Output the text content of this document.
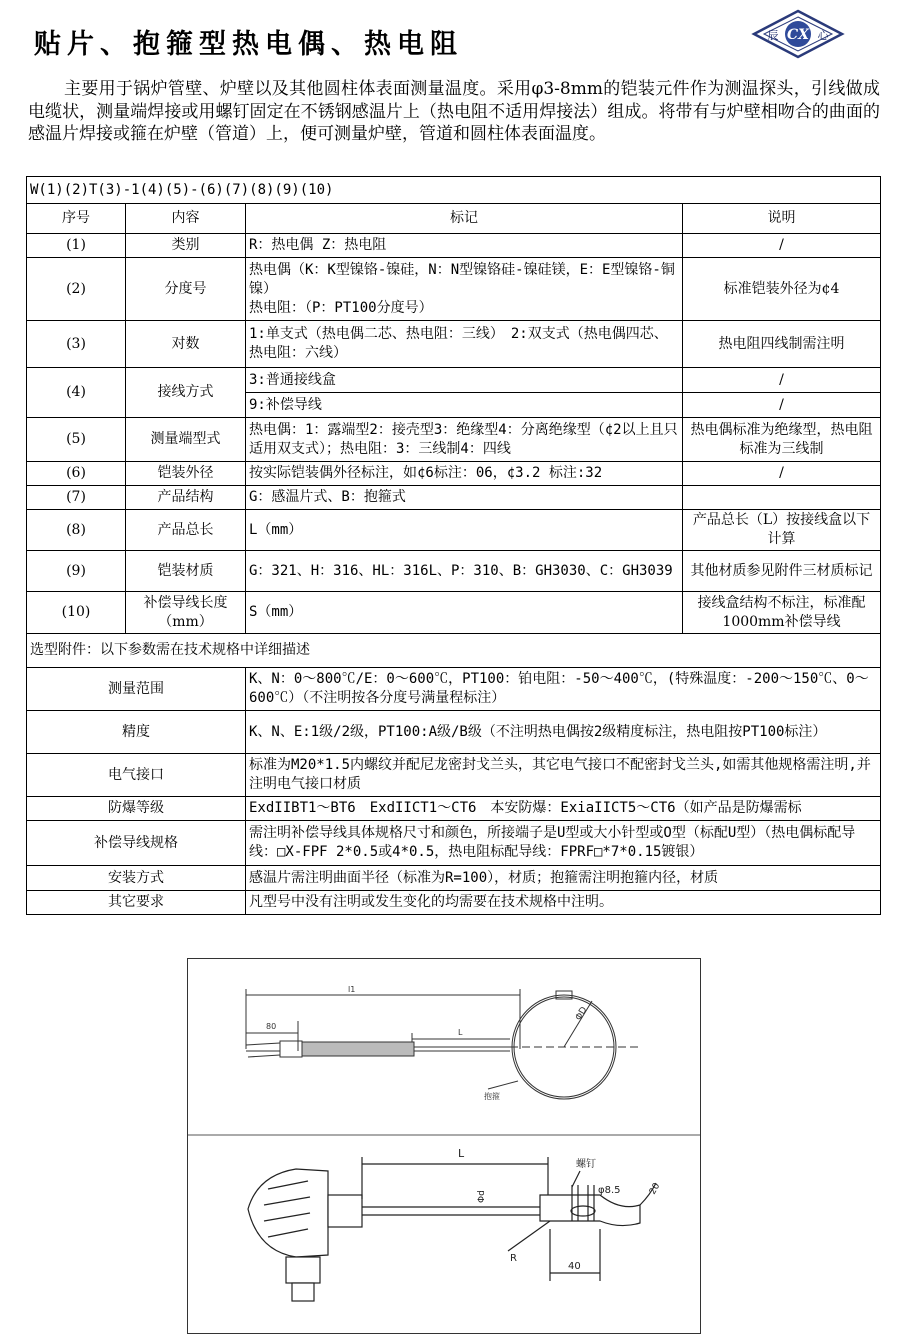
贴片、抱箍型热电偶、热电阻	CX
辰	心
主要用于锅炉管壁、炉壁以及其他圆柱体表面测量温度。采用φ3-8mm的铠装元件作为测温探头，引线做成电缆状，测量端焊接或用螺钉固定在不锈钢感温片上（热电阻不适用焊接法）组成。将带有与炉壁相吻合的曲面的感温片焊接或箍在炉壁（管道）上，便可测量炉壁，管道和圆柱体表面温度。
W(1)(2)T(3)-1(4)(5)-(6)(7)(8)(9)(10)			
序号	内容	标记	说明
(1)	类别	R：热电偶 Z：热电阻	/
(2)	分度号	热电偶（K：K型镍铬-镍硅，N：N型镍铬硅-镍硅镁，E：E型镍铬-铜镍）
热电阻：（P：PT100分度号）	标准铠装外径为¢4
(3)	对数	1:单支式（热电偶二芯、热电阻：三线）　2:双支式（热电偶四芯、热电阻：六线）	热电阻四线制需注明
(4)	接线方式	3:普通接线盒	/
		9:补偿导线	/
(5)	测量端型式	热电偶：1：露端型2：接壳型3：绝缘型4：分离绝缘型（¢2以上且只适用双支式）；热电阻：3：三线制4：四线	热电偶标准为绝缘型，热电阻标准为三线制
(6)	铠装外径	按实际铠装偶外径标注，如¢6标注：06，¢3.2 标注:32	/
(7)	产品结构	G：感温片式、B：抱箍式	
(8)	产品总长	L（mm）	产品总长（L）按接线盒以下计算
(9)	铠装材质	G：321、H：316、HL：316L、P：310、B：GH3030、C：GH3039	其他材质参见附件三材质标记
(10)	补偿导线长度（mm）	S（mm）	接线盒结构不标注，标准配1000mm补偿导线
选型附件：以下参数需在技术规格中详细描述			
测量范围		K、N：0～800℃/E：0～600℃，PT100：铂电阻：-50～400℃，(特殊温度：-200～150℃、0～600℃）（不注明按各分度号满量程标注）	
精度		K、N、E:1级/2级，PT100:A级/B级（不注明热电偶按2级精度标注，热电阻按PT100标注）	
电气接口		标准为M20*1.5内螺纹并配尼龙密封戈兰头，其它电气接口不配密封戈兰头,如需其他规格需注明,并注明电气接口材质	
防爆等级		ExdIIBT1～BT6　ExdIICT1～CT6　本安防爆：ExiaIICT5～CT6（如产品是防爆需标	
补偿导线规格		需注明补偿导线具体规格尺寸和颜色，所接端子是U型或大小针型或O型（标配U型）（热电偶标配导线：□X-FPF 2*0.5或4*0.5，热电阻标配导线：FPRF□*7*0.15镀银）	
安装方式		感温片需注明曲面半径（标准为R=100），材质；抱箍需注明抱箍内径，材质	
其它要求		凡型号中没有注明或发生变化的均需要在技术规格中注明。	
l1
80
L
ΦD
抱箍
L
螺钉
φ8.5
Φd
R
20
40
